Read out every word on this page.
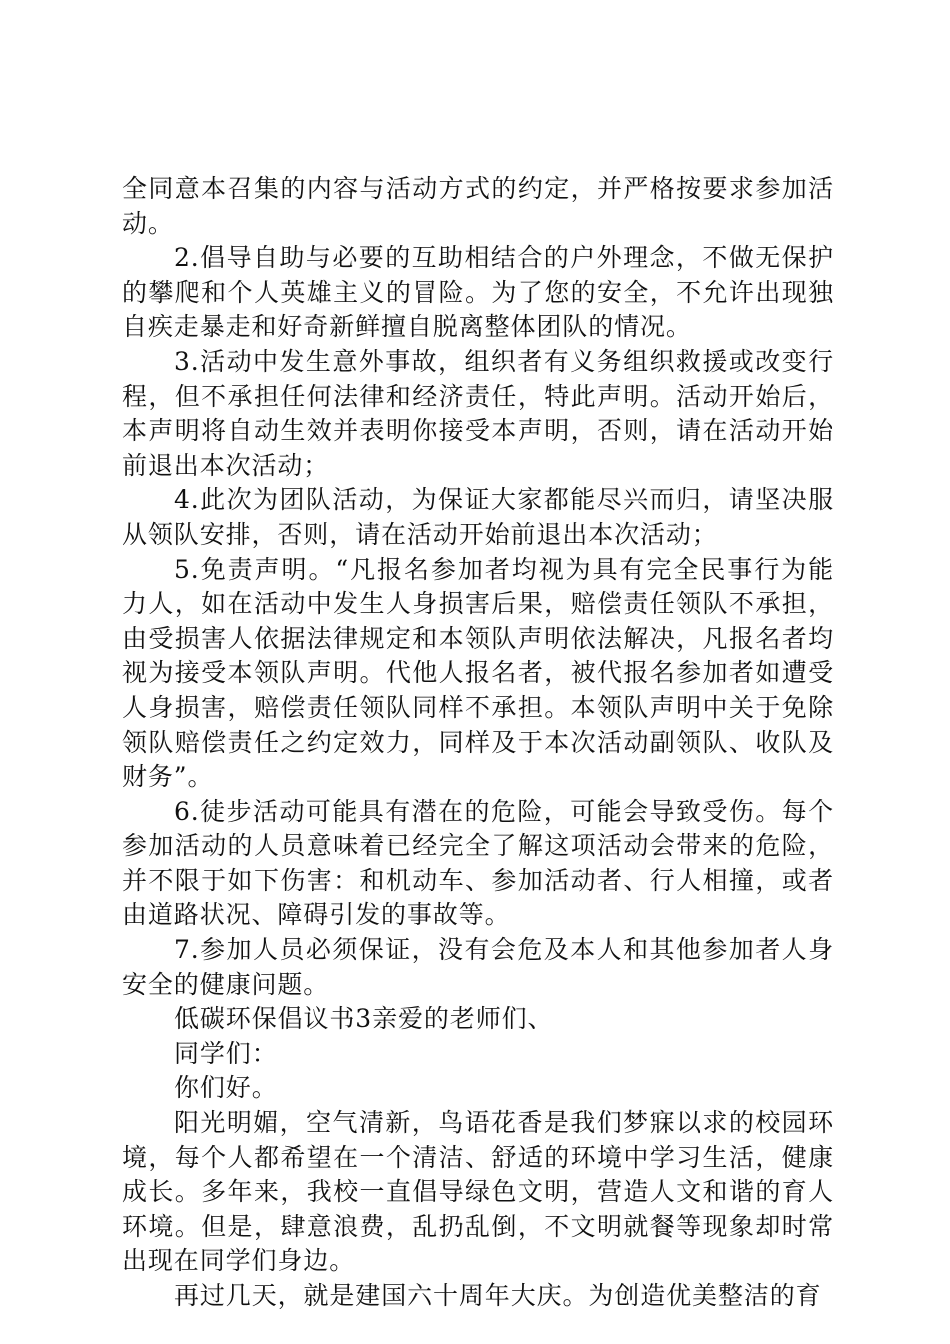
全同意本召集的内容与活动方式的约定，并严格按要求参加活动。

2.倡导自助与必要的互助相结合的户外理念，不做无保护的攀爬和个人英雄主义的冒险。为了您的安全，不允许出现独自疾走暴走和好奇新鲜擅自脱离整体团队的情况。

3.活动中发生意外事故，组织者有义务组织救援或改变行程，但不承担任何法律和经济责任，特此声明。活动开始后，本声明将自动生效并表明你接受本声明，否则，请在活动开始前退出本次活动；

4.此次为团队活动，为保证大家都能尽兴而归，请坚决服从领队安排，否则，请在活动开始前退出本次活动；

5.免责声明。“凡报名参加者均视为具有完全民事行为能力人，如在活动中发生人身损害后果，赔偿责任领队不承担，由受损害人依据法律规定和本领队声明依法解决，凡报名者均视为接受本领队声明。代他人报名者，被代报名参加者如遭受人身损害，赔偿责任领队同样不承担。本领队声明中关于免除领队赔偿责任之约定效力，同样及于本次活动副领队、收队及财务”。

6.徒步活动可能具有潜在的危险，可能会导致受伤。每个参加活动的人员意味着已经完全了解这项活动会带来的危险，并不限于如下伤害：和机动车、参加活动者、行人相撞，或者由道路状况、障碍引发的事故等。

7.参加人员必须保证，没有会危及本人和其他参加者人身安全的健康问题。

低碳环保倡议书3亲爱的老师们、

同学们：

你们好。

阳光明媚，空气清新，鸟语花香是我们梦寐以求的校园环境，每个人都希望在一个清洁、舒适的环境中学习生活，健康成长。多年来，我校一直倡导绿色文明，营造人文和谐的育人环境。但是，肆意浪费，乱扔乱倒，不文明就餐等现象却时常出现在同学们身边。

再过几天，就是建国六十周年大庆。为创造优美整洁的育
